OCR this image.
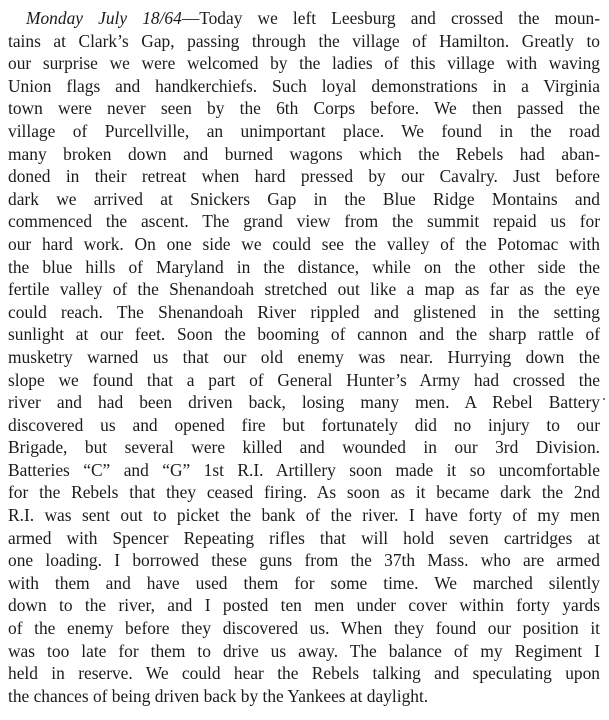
Monday July 18/64—Today we left Leesburg and crossed the moun-
tains at Clark’s Gap, passing through the village of Hamilton. Greatly to
our surprise we were welcomed by the ladies of this village with waving
Union flags and handkerchiefs. Such loyal demonstrations in a Virginia
town were never seen by the 6th Corps before. We then passed the
village of Purcellville, an unimportant place. We found in the road
many broken down and burned wagons which the Rebels had aban-
doned in their retreat when hard pressed by our Cavalry. Just before
dark we arrived at Snickers Gap in the Blue Ridge Montains and
commenced the ascent. The grand view from the summit repaid us for
our hard work. On one side we could see the valley of the Potomac with
the blue hills of Maryland in the distance, while on the other side the
fertile valley of the Shenandoah stretched out like a map as far as the eye
could reach. The Shenandoah River rippled and glistened in the setting
sunlight at our feet. Soon the booming of cannon and the sharp rattle of
musketry warned us that our old enemy was near. Hurrying down the
slope we found that a part of General Hunter’s Army had crossed the
river and had been driven back, losing many men. A Rebel Battery
discovered us and opened fire but fortunately did no injury to our
Brigade, but several were killed and wounded in our 3rd Division.
Batteries “C” and “G” 1st R.I. Artillery soon made it so uncomfortable
for the Rebels that they ceased firing. As soon as it became dark the 2nd
R.I. was sent out to picket the bank of the river. I have forty of my men
armed with Spencer Repeating rifles that will hold seven cartridges at
one loading. I borrowed these guns from the 37th Mass. who are armed
with them and have used them for some time. We marched silently
down to the river, and I posted ten men under cover within forty yards
of the enemy before they discovered us. When they found our position it
was too late for them to drive us away. The balance of my Regiment I
held in reserve. We could hear the Rebels talking and speculating upon
the chances of being driven back by the Yankees at daylight.
